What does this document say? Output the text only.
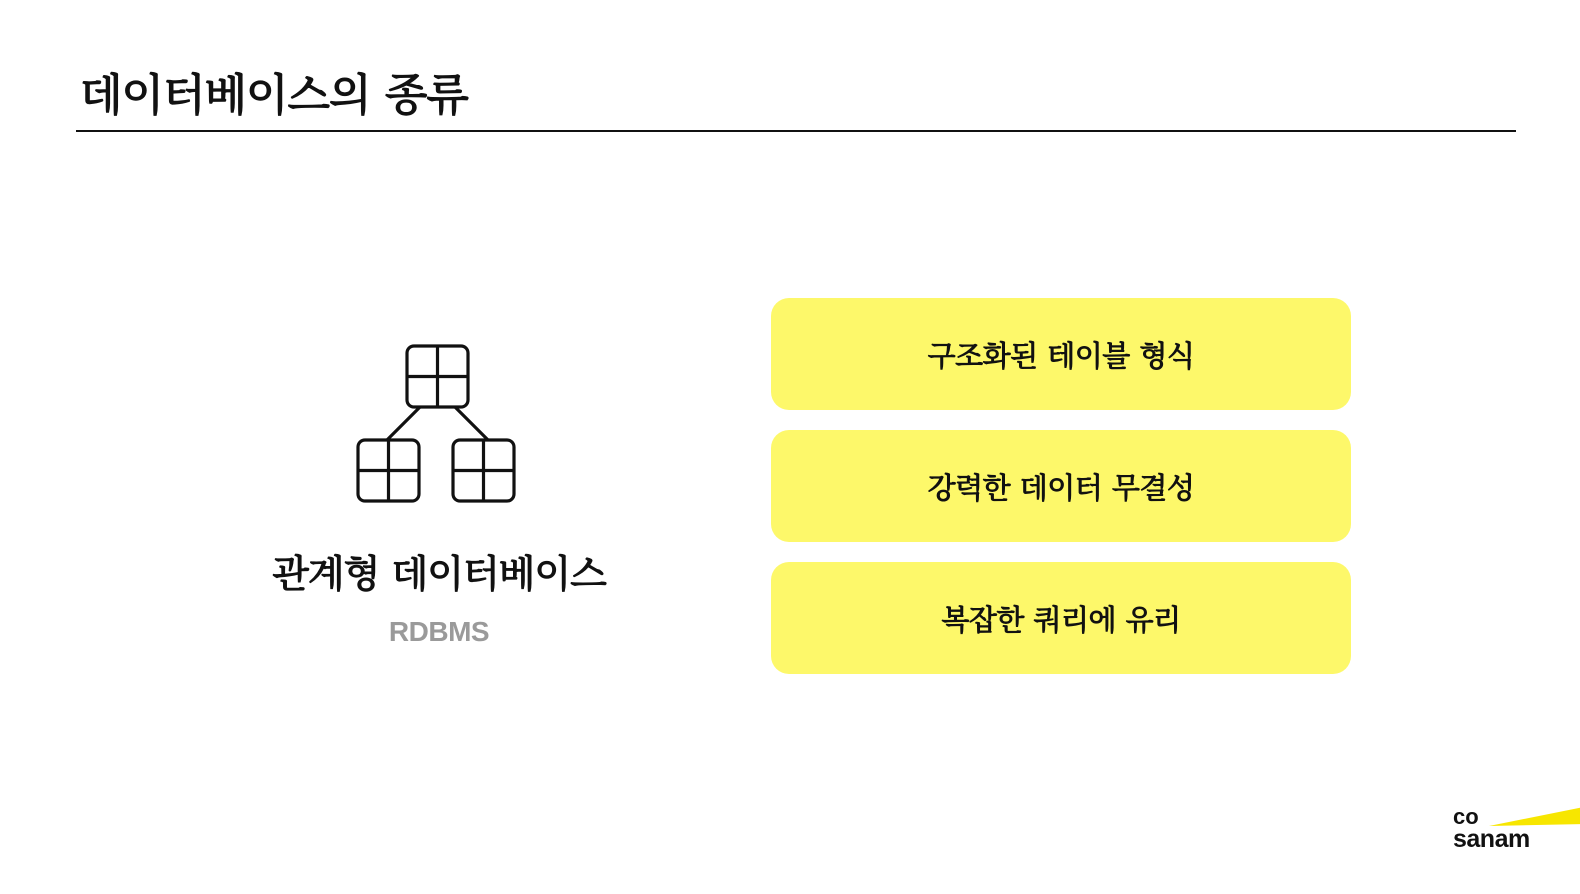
데이터베이스의 종류
관계형 데이터베이스
RDBMS
구조화된 테이블 형식
강력한 데이터 무결성
복잡한 쿼리에 유리
co
sanam
